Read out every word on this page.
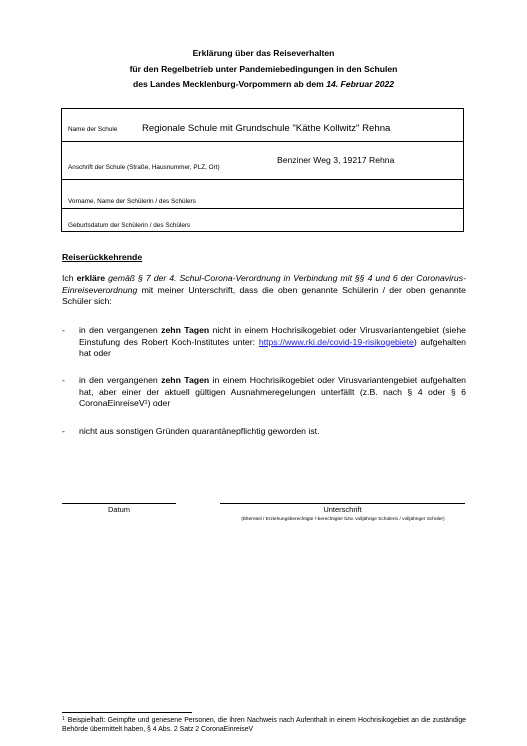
Erklärung über das Reiseverhalten
für den Regelbetrieb unter Pandemiebedingungen in den Schulen
des Landes Mecklenburg-Vorpommern ab dem 14. Februar 2022
Name der Schule	Regionale Schule mit Grundschule "Käthe Kollwitz" Rehna
Anschrift der Schule (Straße, Hausnummer, PLZ, Ort)
Benziner Weg 3, 19217 Rehna
Vorname, Name der Schülerin / des Schülers
Geburtsdatum der Schülerin / des Schülers
Reiserückkehrende
Ich erkläre gemäß § 7 der 4. Schul-Corona-Verordnung in Verbindung mit §§ 4 und 6 der Coronavirus-Einreiseverordnung mit meiner Unterschrift, dass die oben genannte Schülerin / der oben genannte Schüler sich:
- in den vergangenen zehn Tagen nicht in einem Hochrisikogebiet oder Virusvariantengebiet (siehe Einstufung des Robert Koch-Institutes unter: https://www.rki.de/covid-19-risikogebiete) aufgehalten hat oder
- in den vergangenen zehn Tagen in einem Hochrisikogebiet oder Virusvariantengebiet aufgehalten hat, aber einer der aktuell gültigen Ausnahmeregelungen unterfällt (z.B. nach § 4 oder § 6 CoronaEinreiseV¹) oder
- nicht aus sonstigen Gründen quarantänepflichtig geworden ist.
Datum	Unterschrift
(Elternteil / Erziehungsberechtigte /-berechtigter bzw. volljährige Schülerin / volljähriger Schüler)
$^1$ Beispielhaft: Geimpfte und genesene Personen, die ihren Nachweis nach Aufenthalt in einem Hochrisikogebiet an die zuständige Behörde übermittelt haben, § 4 Abs. 2 Satz 2 CoronaEinreiseV
